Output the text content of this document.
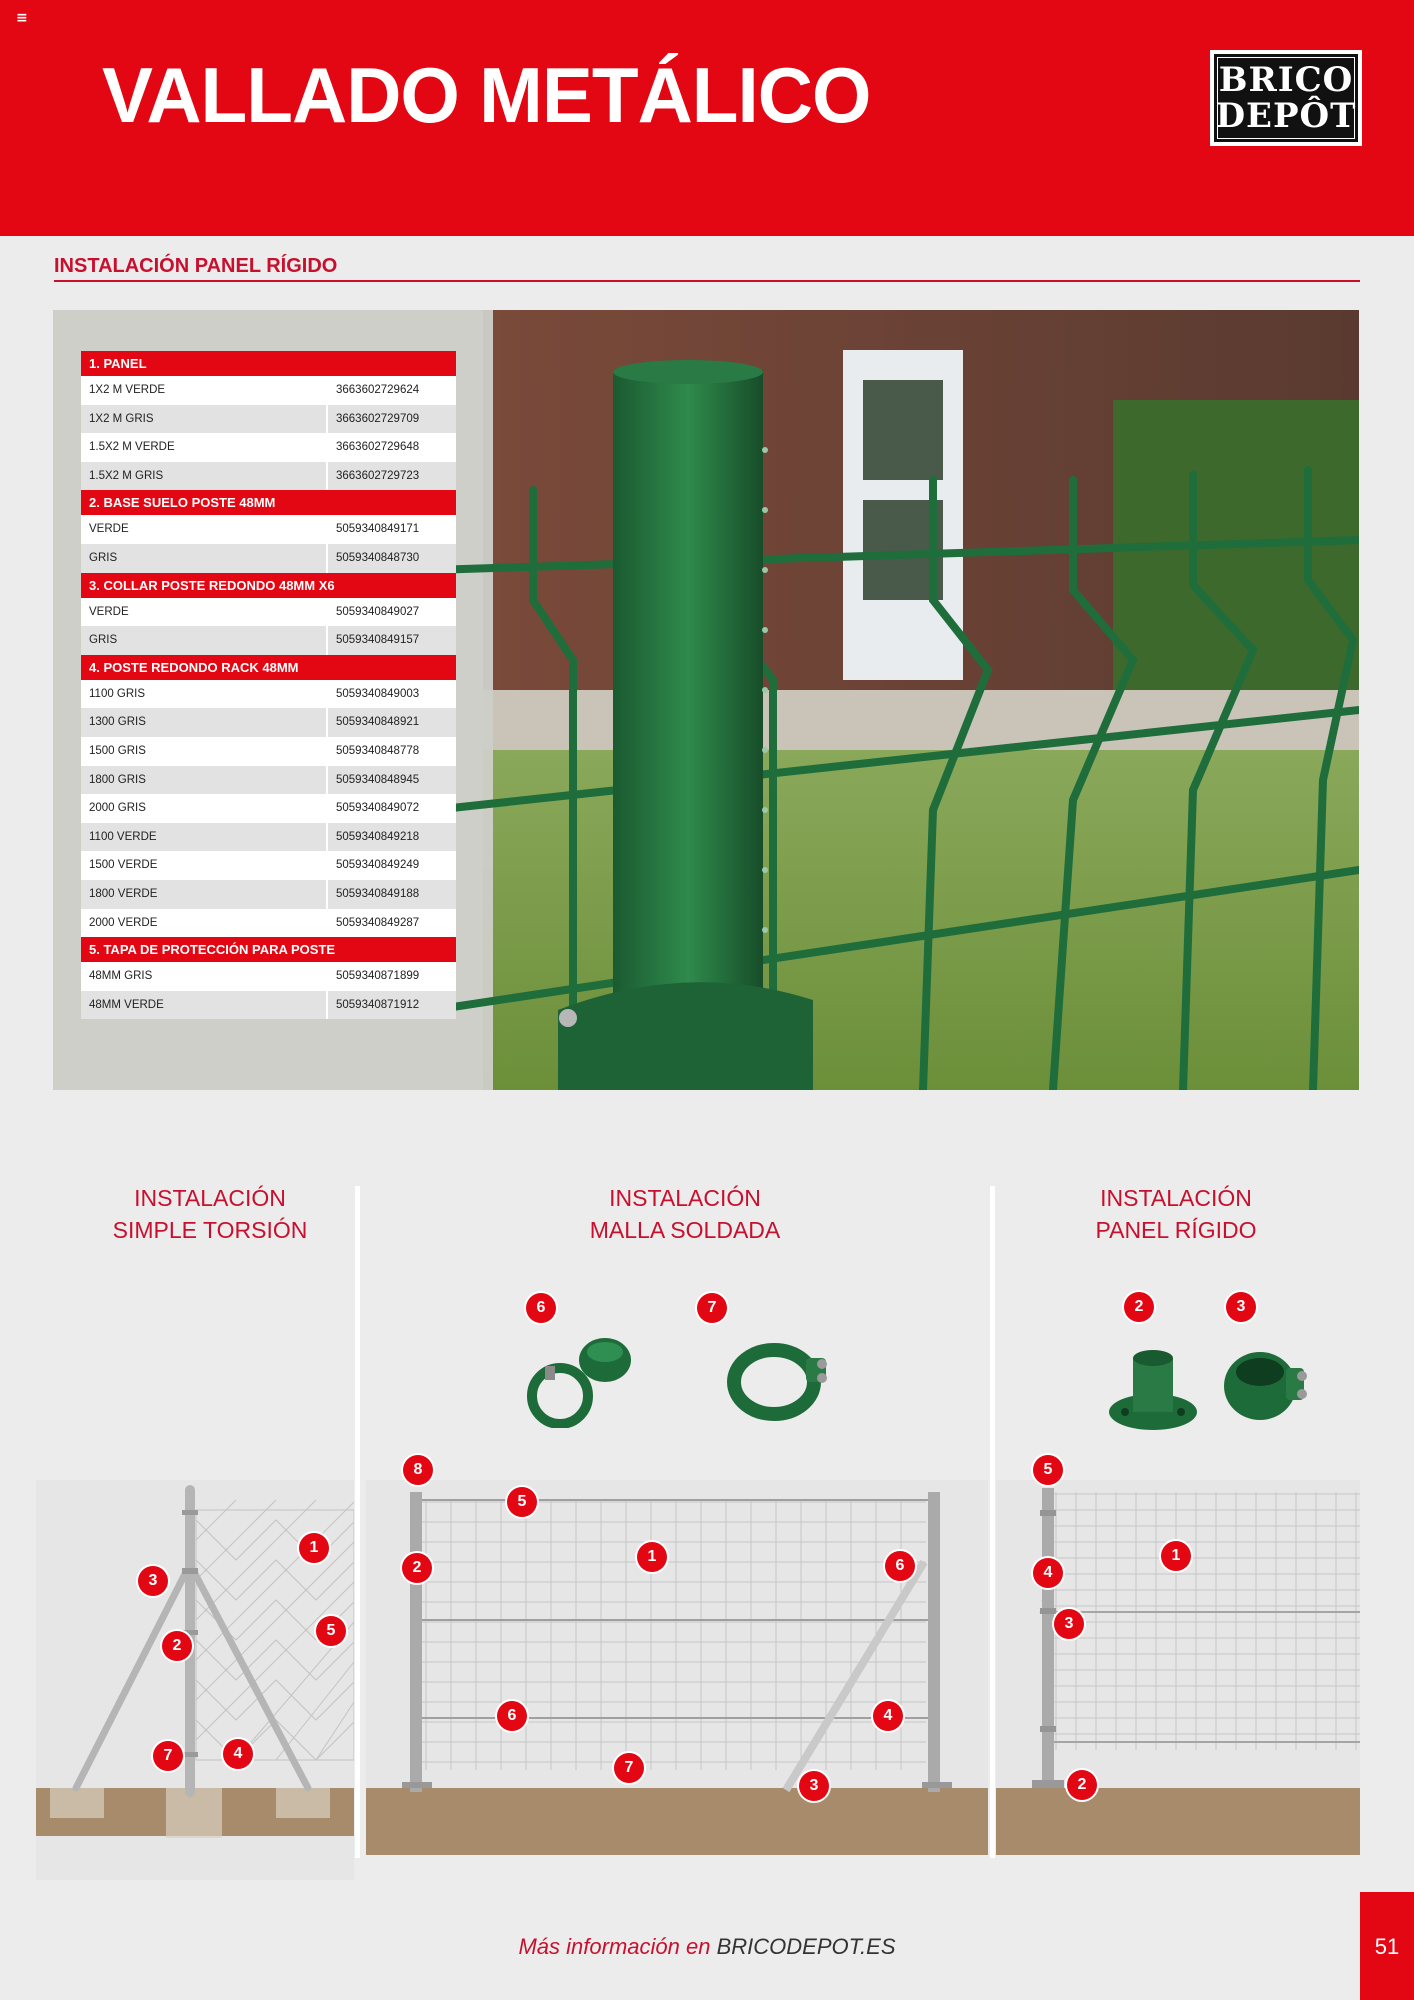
≡
VALLADO METÁLICO	BRICO
DEPÔT
INSTALACIÓN PANEL RÍGIDO
1. PANEL
1X2 M VERDE	3663602729624
1X2 M GRIS	3663602729709
1.5X2 M VERDE	3663602729648
1.5X2 M GRIS	3663602729723
2. BASE SUELO POSTE 48MM
VERDE	5059340849171
GRIS	5059340848730
3. COLLAR POSTE REDONDO 48MM X6
VERDE	5059340849027
GRIS	5059340849157
4. POSTE REDONDO RACK 48MM
1100 GRIS	5059340849003
1300 GRIS	5059340848921
1500 GRIS	5059340848778
1800 GRIS	5059340848945
2000 GRIS	5059340849072
1100 VERDE	5059340849218
1500 VERDE	5059340849249
1800 VERDE	5059340849188
2000 VERDE	5059340849287
5. TAPA DE PROTECCIÓN PARA POSTE
48MM GRIS	5059340871899
48MM VERDE	5059340871912
INSTALACIÓN
SIMPLE TORSIÓN
INSTALACIÓN
MALLA SOLDADA
INSTALACIÓN
PANEL RÍGIDO
1
2
3
4
5
7
6	7
8
5
1
2	6
6	4
7
3
2	3
5
1
4
3
2
Más información en BRICODEPOT.ES	51
